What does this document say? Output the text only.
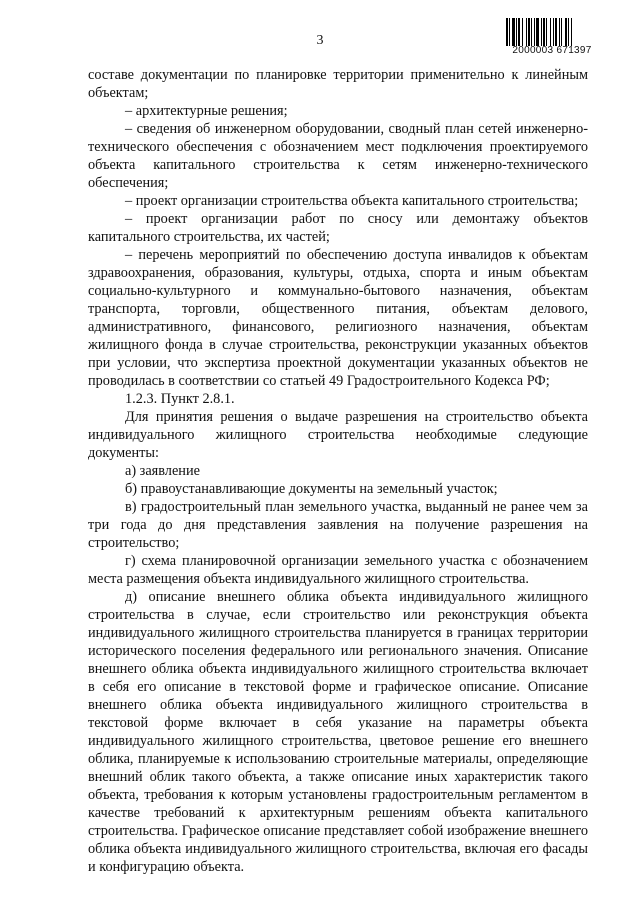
3
2000003 671397

составе документации по планировке территории применительно к линейным объектам;

– архитектурные решения;

– сведения об инженерном оборудовании, сводный план сетей инженерно-технического обеспечения с обозначением мест подключения проектируемого объекта капитального строительства к сетям инженерно-технического обеспечения;

– проект организации строительства объекта капитального строительства;

– проект организации работ по сносу или демонтажу объектов капитального строительства, их частей;

– перечень мероприятий по обеспечению доступа инвалидов к объектам здравоохранения, образования, культуры, отдыха, спорта и иным объектам социально-культурного и коммунально-бытового назначения, объектам транспорта, торговли, общественного питания, объектам делового, административного, финансового, религиозного назначения, объектам жилищного фонда в случае строительства, реконструкции указанных объектов при условии, что экспертиза проектной документации указанных объектов не проводилась в соответствии со статьей 49 Градостроительного Кодекса РФ;

1.2.3. Пункт 2.8.1.

Для принятия решения о выдаче разрешения на строительство объекта индивидуального жилищного строительства необходимые следующие документы:

а) заявление

б) правоустанавливающие документы на земельный участок;

в) градостроительный план земельного участка, выданный не ранее чем за три года до дня представления заявления на получение разрешения на строительство;

г) схема планировочной организации земельного участка с обозначением места размещения объекта индивидуального жилищного строительства.

д) описание внешнего облика объекта индивидуального жилищного строительства в случае, если строительство или реконструкция объекта индивидуального жилищного строительства планируется в границах территории исторического поселения федерального или регионального значения. Описание внешнего облика объекта индивидуального жилищного строительства включает в себя его описание в текстовой форме и графическое описание. Описание внешнего облика объекта индивидуального жилищного строительства в текстовой форме включает в себя указание на параметры объекта индивидуального жилищного строительства, цветовое решение его внешнего облика, планируемые к использованию строительные материалы, определяющие внешний облик такого объекта, а также описание иных характеристик такого объекта, требования к которым установлены градостроительным регламентом в качестве требований к архитектурным решениям объекта капитального строительства. Графическое описание представляет собой изображение внешнего облика объекта индивидуального жилищного строительства, включая его фасады и конфигурацию объекта.
